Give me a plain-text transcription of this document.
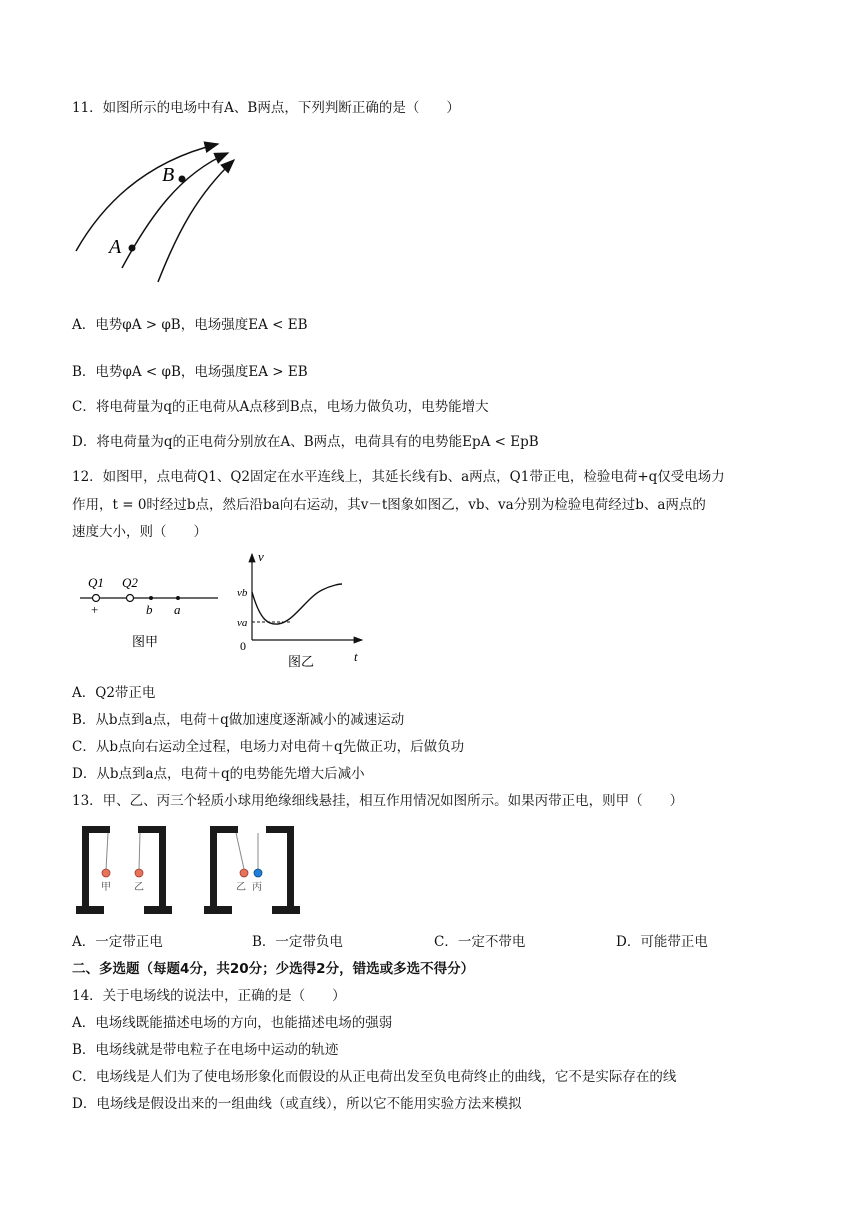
11．如图所示的电场中有A、B两点，下列判断正确的是（　　）
B
A
A．电势φA > φB，电场强度EA < EB
B．电势φA < φB，电场强度EA > EB
C．将电荷量为q的正电荷从A点移到B点，电场力做负功，电势能增大
D．将电荷量为q的正电荷分别放在A、B两点，电荷具有的电势能EpA < EpB
12．如图甲，点电荷Q1、Q2固定在水平连线上，其延长线有b、a两点，Q1带正电，检验电荷+q仅受电场力
作用，t = 0时经过b点，然后沿ba向右运动，其v－t图象如图乙，vb、va分别为检验电荷经过b、a两点的
速度大小，则（　　）
Q1 Q2
+	b a
图甲
v
vb
va
0
t
图乙
A．Q2带正电
B．从b点到a点，电荷＋q做加速度逐渐减小的减速运动
C．从b点向右运动全过程，电场力对电荷＋q先做正功，后做负功
D．从b点到a点，电荷＋q的电势能先增大后减小
13．甲、乙、丙三个轻质小球用绝缘细线悬挂，相互作用情况如图所示。如果丙带正电，则甲（　　）
甲 乙	乙 丙
A．一定带正电	B．一定带负电	C．一定不带电	D．可能带正电
二、多选题（每题4分，共20分；少选得2分，错选或多选不得分）
14．关于电场线的说法中，正确的是（　　）
A．电场线既能描述电场的方向，也能描述电场的强弱
B．电场线就是带电粒子在电场中运动的轨迹
C．电场线是人们为了使电场形象化而假设的从正电荷出发至负电荷终止的曲线，它不是实际存在的线
D．电场线是假设出来的一组曲线（或直线），所以它不能用实验方法来模拟
